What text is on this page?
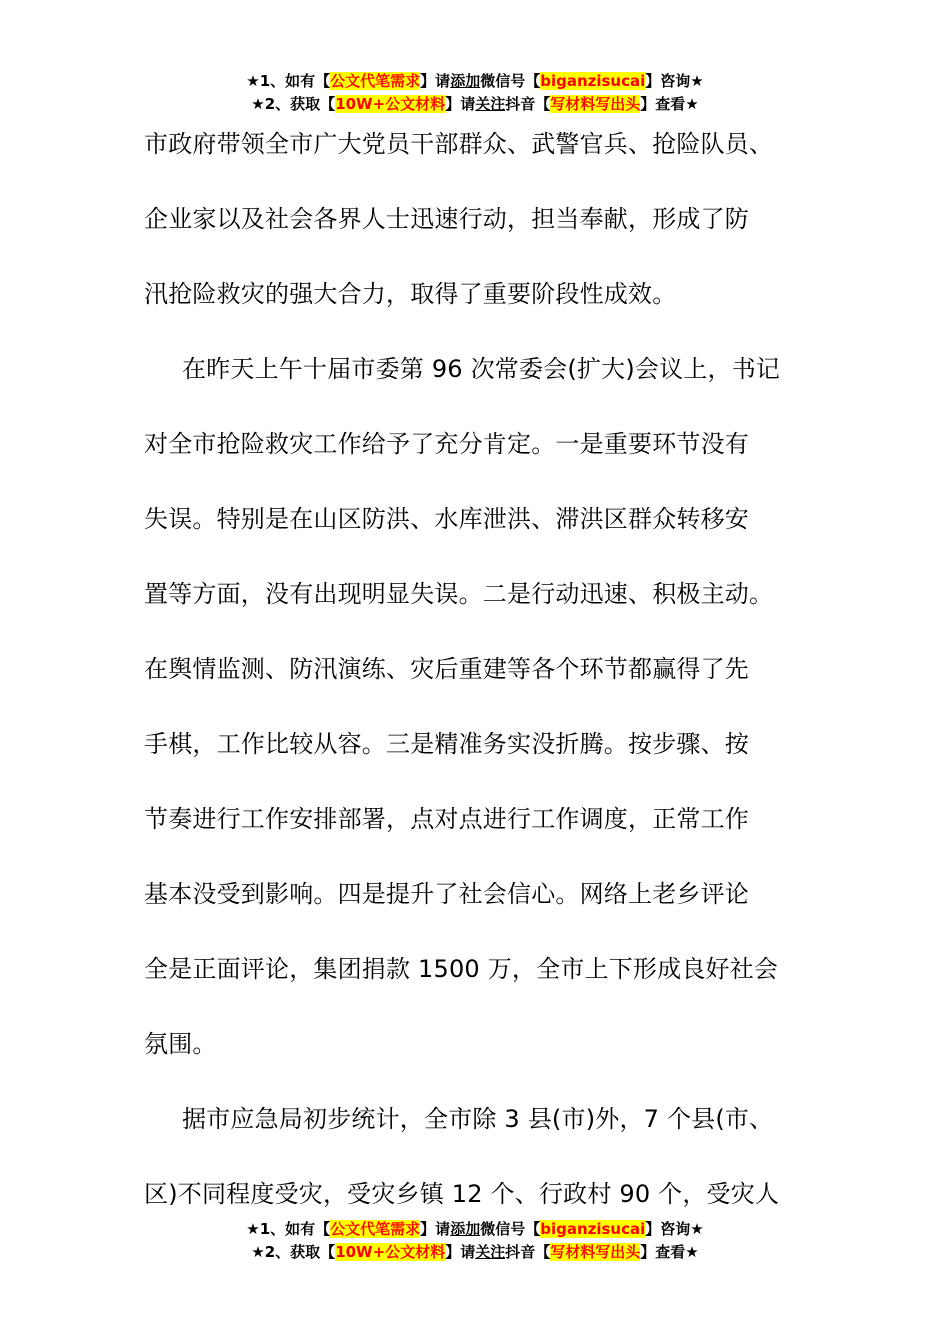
★1、如有【公文代笔需求】请添加微信号【biganzisucai】咨询★
★2、获取【10W+公文材料】请关注抖音【写材料写出头】查看★
市政府带领全市广大党员干部群众、武警官兵、抢险队员、
企业家以及社会各界人士迅速行动，担当奉献，形成了防
汛抢险救灾的强大合力，取得了重要阶段性成效。
在昨天上午十届市委第 96 次常委会(扩大)会议上，书记
对全市抢险救灾工作给予了充分肯定。一是重要环节没有
失误。特别是在山区防洪、水库泄洪、滞洪区群众转移安
置等方面，没有出现明显失误。二是行动迅速、积极主动。
在舆情监测、防汛演练、灾后重建等各个环节都赢得了先
手棋，工作比较从容。三是精准务实没折腾。按步骤、按
节奏进行工作安排部署，点对点进行工作调度，正常工作
基本没受到影响。四是提升了社会信心。网络上老乡评论
全是正面评论，集团捐款 1500 万，全市上下形成良好社会
氛围。
据市应急局初步统计，全市除 3 县(市)外，7 个县(市、
区)不同程度受灾，受灾乡镇 12 个、行政村 90 个，受灾人
★1、如有【公文代笔需求】请添加微信号【biganzisucai】咨询★
★2、获取【10W+公文材料】请关注抖音【写材料写出头】查看★
